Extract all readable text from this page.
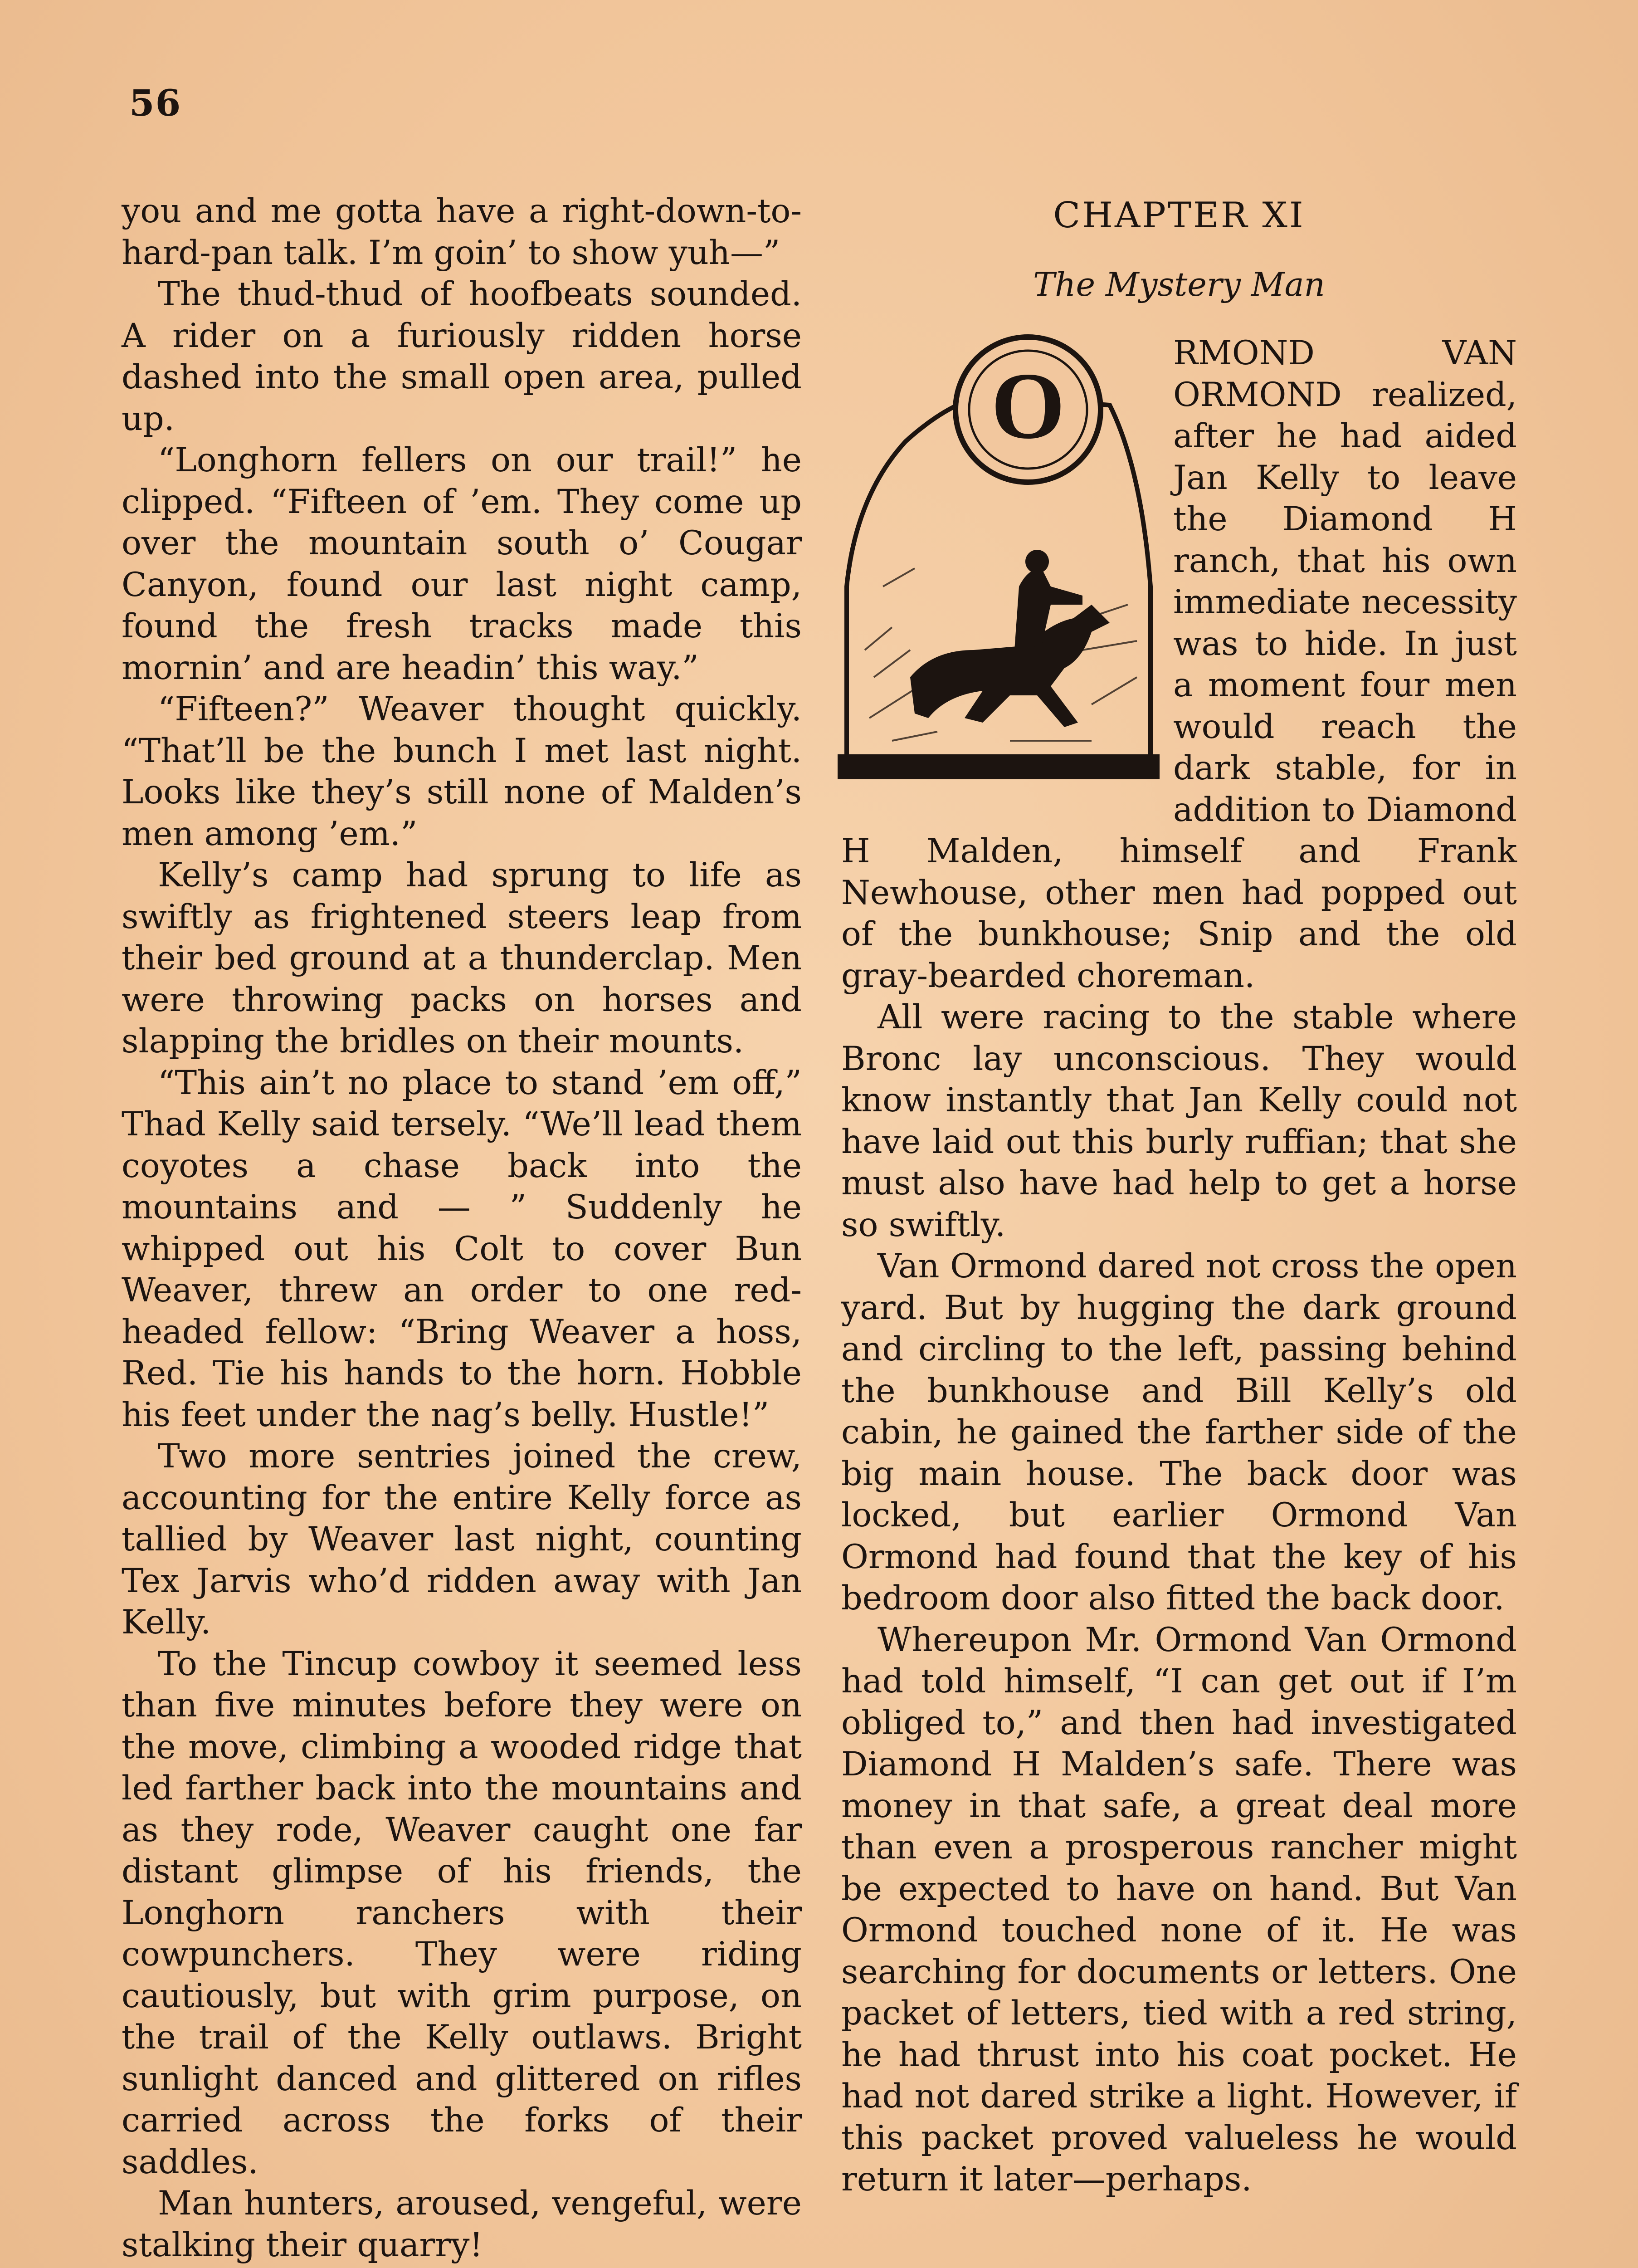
56

you and me gotta have a right-down-to-hard-pan talk. I’m goin’ to show yuh—”

The thud-thud of hoofbeats sounded. A rider on a furiously ridden horse dashed into the small open area, pulled up.

“Longhorn fellers on our trail!” he clipped. “Fifteen of ’em. They come up over the mountain south o’ Cougar Canyon, found our last night camp, found the fresh tracks made this mornin’ and are headin’ this way.”

“Fifteen?” Weaver thought quickly. “That’ll be the bunch I met last night. Looks like they’s still none of Malden’s men among ’em.”

Kelly’s camp had sprung to life as swiftly as frightened steers leap from their bed ground at a thunderclap. Men were throwing packs on horses and slapping the bridles on their mounts.

“This ain’t no place to stand ’em off,” Thad Kelly said tersely. “We’ll lead them coyotes a chase back into the mountains and — ” Suddenly he whipped out his Colt to cover Bun Weaver, threw an order to one red-headed fellow: “Bring Weaver a hoss, Red. Tie his hands to the horn. Hobble his feet under the nag’s belly. Hustle!”

Two more sentries joined the crew, accounting for the entire Kelly force as tallied by Weaver last night, counting Tex Jarvis who’d ridden away with Jan Kelly.

To the Tincup cowboy it seemed less than five minutes before they were on the move, climbing a wooded ridge that led farther back into the mountains and as they rode, Weaver caught one far distant glimpse of his friends, the Longhorn ranchers with their cowpunchers. They were riding cautiously, but with grim purpose, on the trail of the Kelly outlaws. Bright sunlight danced and glittered on rifles carried across the forks of their saddles.

Man hunters, aroused, vengeful, were stalking their quarry!

CHAPTER XI
The Mystery Man
O

RMOND VAN ORMOND realized, after he had aided Jan Kelly to leave the Diamond H ranch, that his own immediate necessity was to hide. In just a moment four men would reach the dark stable, for in addition to Diamond H Malden, himself and Frank Newhouse, other men had popped out of the bunkhouse; Snip and the old gray-bearded choreman.

All were racing to the stable where Bronc lay unconscious. They would know instantly that Jan Kelly could not have laid out this burly ruffian; that she must also have had help to get a horse so swiftly.

Van Ormond dared not cross the open yard. But by hugging the dark ground and circling to the left, passing behind the bunkhouse and Bill Kelly’s old cabin, he gained the farther side of the big main house. The back door was locked, but earlier Ormond Van Ormond had found that the key of his bedroom door also fitted the back door.

Whereupon Mr. Ormond Van Ormond had told himself, “I can get out if I’m obliged to,” and then had investigated Diamond H Malden’s safe. There was money in that safe, a great deal more than even a prosperous rancher might be expected to have on hand. But Van Ormond touched none of it. He was searching for documents or letters. One packet of letters, tied with a red string, he had thrust into his coat pocket. He had not dared strike a light. However, if this packet proved valueless he would return it later—perhaps.
